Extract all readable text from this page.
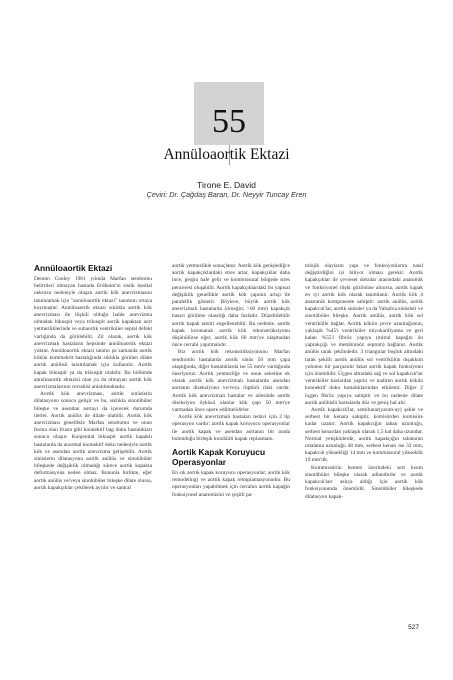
55
Annüloaortik Ektazi
Tirone E. David
Çeviri: Dr. Çağdaş Baran, Dr. Neyyir Tuncay Eren
Annüloaortik Ektazi

Denton Cooley 1961 yılında Marfan sendromu belirtileri olmayan hastada Erdheim'in sistik medial nekrozu nedeniyle oluşan aortik kök anevrizmasını tanımlamak için "annüloaortik ektazi" tanımını ortaya koymuştur. Annüloaortik ektazi sıklıkla aortik kök anevrizması ile ilişkili olduğu halde anevrizma olmadan bikuspit veya trikuspit aortik kapaktan aort yetmezliklerinde ve subaortik ventriküler septal defekt varlığında da görülebilir. Zıt olarak, aortik kök anevrizmalı hastaların hepsinde annüloaortik ektazi yoktur. Annüloaortik ektazi tanımı şu zamanda aortik kökün kommekrit bastalığında sıklıkla görülen dilate aortik anülüsü tanımlamak için kullanılır. Aortik kapak bikuspit ya da trikuspit olabilir. Bu bölümde annüloaortik ektazisi olan ya da olmayan aortik kök anevrizmalarının cerrahisi anlatılmaktadır.

Aortik kök anevrizması, aortik sinüslerin dilatasyonu sonucu gelişir ve bu, sıklıkla sinotübüler bileşke ve asendan aortayı da içerecek durumda ilerler. Aortik anülüs de dilate olabilir. Aortik kök anevrizması genellikle Marfan sendromu ve onun forma olan frusta gibi konnektif bag doku hastalıkları sonucu oluşur. Konjenital bikuspit aortik kapaklı hastalarda da anormal konnektif doku nedeniyle aortik kök ve asendan aortik anevrizma gelişebilir. Aortik sinüslerin dilatasyonu aortik anülüs ve sinotübüler bileşkede değişiklik olmadığı sürece aortik kapakta deformasyona neden olmaz. Bununla birlikte, eğer aortik anülüs ve/veya sinotübüler bileşke dilate olursa, aortik kapakçıklar çekilerek ayrılır ve santral

aortik yetmezlikle sonuçlanır. Aortik kök genişlediğce aortik kapakçıklardaki stres artar, kapakçıklar daha ince, gergin hale gelir ve kommissural bölgede stres penceresi oluşabilir. Aortik kapakçıklardaki bu yapısal değişiklik genellikle aortik kök çapının artışı ile paralellik gösterir. Böylece, büyük aortik kök anevrizmalı hastalarda (örneğin; >60 mm) kapakçık hasarı görülme olasılığı daha fazladır. Düzeltilebilir aortik kapak tamiri engellenebilir. Bu nedenle, aortik kapak korunarak aortik kök rekonstrüksiyonu düşünülürse eğer, aortik kök 60 mm'ye ulaşmadan önce cerrahi yapılmalıdır.

Biz aortik kök rekonstrüksiyonunu Marfan sendromlu hastalarda aortik sinüs 50 mm çapa ulaştığında, diğer hastalıklarda ise 55 mm'e vardığında öneriyoruz. Aortik yetmezliğe ve onun sekeline ek olarak aortik kök anevrizmalı hastalarda asendan aortanın diseksiyonu ve/veya rüptürü riski vardır. Aortik kök anevrizmalı hastalar ve ailesinde aortik diseksiyon öyküsü olanlar kök çapı 50 mm'ye varmadan önce opere edilmelidirler.

Aortik kök anevrizmalı hastaları tedavi için 2 tip operasyon vardır: aortik kapak koruyucu operasyonlar ile aortik kapak ve asendan aortanın bir arada bulunduğu birleşik kondüitli kapak replasmanı.

Aortik Kapak Koruyucu Operasyonlar

En sık aortik kapak koruyucu operasyonlar; aortik kök remodeling) ve aortik kapak reimplantasyonudur. Bu operasyonları yapabilmek için cerrahın aortik kapağın fonksiyonel anatomisini ve çeşitli pa-

tolojik olayların yapı ve fonksiyonlarını nasıl değiştirdiğini iyi biliyor olması gerekir. Aortik kapakçıklar ile çevresel dokular arasındaki anatomik ve fonksiyonel ilişki gözönüne alınırsa, aortik kapak en iyi aortik kök olarak tanımlanır. Aortik kök 4 anatomik komponente sahiptir: aortik anülüs, aortik kapakcık'lar, aortik sinüsler ya da Valsalva sinüsleri ve sinotübüler bileşke. Aortik anülüs, aortik kök sol ventrikülle bağlar. Aortik kökün çevre uzunluğunun, yaklaşık %45'i ventriküler miyokardiyuma ve geri kalan %55'i fibröz yapıya (mitral kapağın ön yaprakçığı ve membranöz septum) bağlanır. Aortik anülüs tarak şeklindedir. 3 triangular boşluk altındaki tarak şekilli aortik anülüs sol ventrikülün dışakkım yolunun bir parçasıdır fakat aortik kapak fonksiyonu için önemlidir. Üçgen altındaki sağ ve sol kapakcık'lar ventriküler kaslardan yapılır ve nadiren aortik kökün konnektif doku hastalıklarından etkilenir. Diğer 2 üçgen fibröz yapıya sahiptir ve bu nedenle dilate aortik anülüslü hastalarda düz ve geniş hal alır.

Aortik kapakcık'lar, semilunar(yarım-ay) şekle ve serbest bir kenara sahiptir, komisürden komisüre kadar uzanır. Aortik kapakcığın taban uzunluğu, serbest kenardan yaklaşık olarak 1,5 kat daha uzundur. Normal yetişkinlerde, aortik kapakçığın tabanının ortalama uzunluğu 48 mm, serbest kenarı ise 32 mm, kapakcık yüksekliği 14 mm ve kommissural yükseklik 19 mm'dir.

Kommissürün hemen üzerindeki sert kısım sinotübüler bileşke olarak adlandırılır ve aortik kapakcık'ları aslıya aldığı için aortik kök fonksiyonunda önemlidir. Sinotübüler bileşkede dilatasyon kapak-

527
